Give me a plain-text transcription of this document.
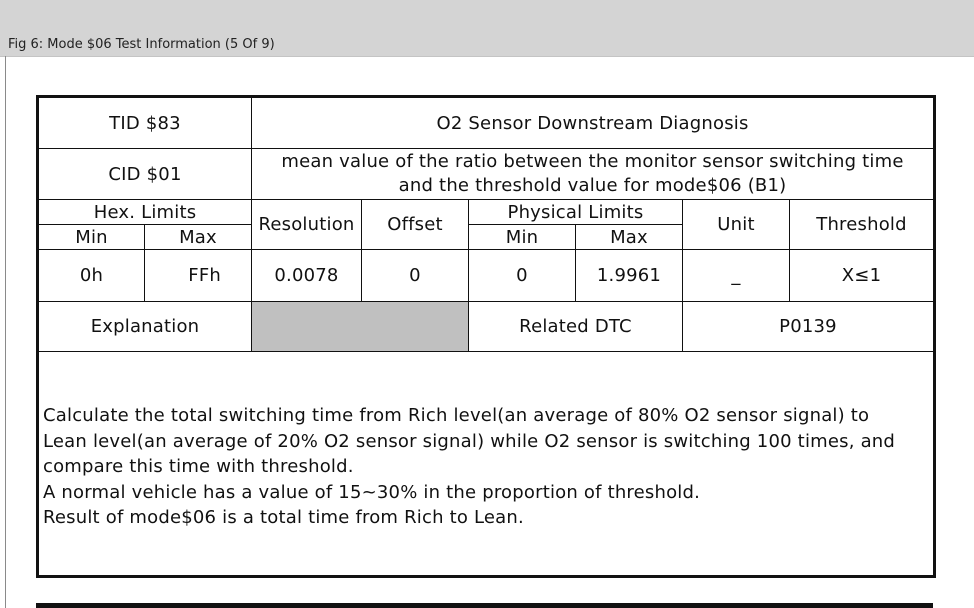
Fig 6: Mode $06 Test Information (5 Of 9)
TID $83		O2 Sensor Downstream Diagnosis					
CID $01		mean value of the ratio between the monitor sensor switching time
and the threshold value for mode$06 (B1)					

Hex. Limits		Resolution	Offset	Physical Limits		Unit	Threshold
Min	Max			Min	Max		
0h	FFh	0.0078	0	0	1.9961	_	X≤1
Explanation				Related DTC		P0139	

Calculate the total switching time from Rich level(an average of 80% O2 sensor signal) to
Lean level(an average of 20% O2 sensor signal) while O2 sensor is switching 100 times, and
compare this time with threshold.
A normal vehicle has a value of 15~30% in the proportion of threshold.
Result of mode$06 is a total time from Rich to Lean.							
